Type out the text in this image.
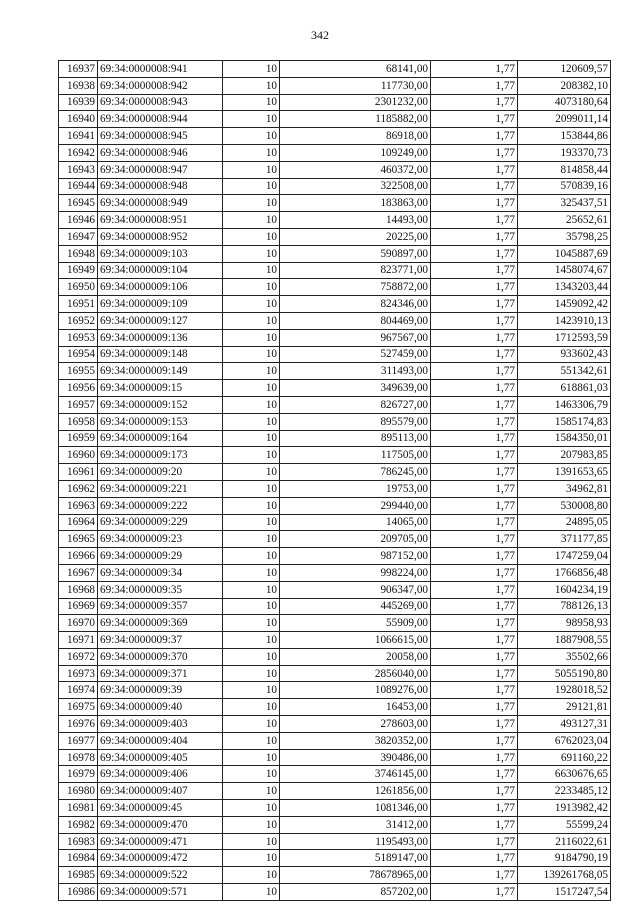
342
16937	69:34:0000008:941	10	68141,00	1,77	120609,57
16938	69:34:0000008:942	10	117730,00	1,77	208382,10
16939	69:34:0000008:943	10	2301232,00	1,77	4073180,64
16940	69:34:0000008:944	10	1185882,00	1,77	2099011,14
16941	69:34:0000008:945	10	86918,00	1,77	153844,86
16942	69:34:0000008:946	10	109249,00	1,77	193370,73
16943	69:34:0000008:947	10	460372,00	1,77	814858,44
16944	69:34:0000008:948	10	322508,00	1,77	570839,16
16945	69:34:0000008:949	10	183863,00	1,77	325437,51
16946	69:34:0000008:951	10	14493,00	1,77	25652,61
16947	69:34:0000008:952	10	20225,00	1,77	35798,25
16948	69:34:0000009:103	10	590897,00	1,77	1045887,69
16949	69:34:0000009:104	10	823771,00	1,77	1458074,67
16950	69:34:0000009:106	10	758872,00	1,77	1343203,44
16951	69:34:0000009:109	10	824346,00	1,77	1459092,42
16952	69:34:0000009:127	10	804469,00	1,77	1423910,13
16953	69:34:0000009:136	10	967567,00	1,77	1712593,59
16954	69:34:0000009:148	10	527459,00	1,77	933602,43
16955	69:34:0000009:149	10	311493,00	1,77	551342,61
16956	69:34:0000009:15	10	349639,00	1,77	618861,03
16957	69:34:0000009:152	10	826727,00	1,77	1463306,79
16958	69:34:0000009:153	10	895579,00	1,77	1585174,83
16959	69:34:0000009:164	10	895113,00	1,77	1584350,01
16960	69:34:0000009:173	10	117505,00	1,77	207983,85
16961	69:34:0000009:20	10	786245,00	1,77	1391653,65
16962	69:34:0000009:221	10	19753,00	1,77	34962,81
16963	69:34:0000009:222	10	299440,00	1,77	530008,80
16964	69:34:0000009:229	10	14065,00	1,77	24895,05
16965	69:34:0000009:23	10	209705,00	1,77	371177,85
16966	69:34:0000009:29	10	987152,00	1,77	1747259,04
16967	69:34:0000009:34	10	998224,00	1,77	1766856,48
16968	69:34:0000009:35	10	906347,00	1,77	1604234,19
16969	69:34:0000009:357	10	445269,00	1,77	788126,13
16970	69:34:0000009:369	10	55909,00	1,77	98958,93
16971	69:34:0000009:37	10	1066615,00	1,77	1887908,55
16972	69:34:0000009:370	10	20058,00	1,77	35502,66
16973	69:34:0000009:371	10	2856040,00	1,77	5055190,80
16974	69:34:0000009:39	10	1089276,00	1,77	1928018,52
16975	69:34:0000009:40	10	16453,00	1,77	29121,81
16976	69:34:0000009:403	10	278603,00	1,77	493127,31
16977	69:34:0000009:404	10	3820352,00	1,77	6762023,04
16978	69:34:0000009:405	10	390486,00	1,77	691160,22
16979	69:34:0000009:406	10	3746145,00	1,77	6630676,65
16980	69:34:0000009:407	10	1261856,00	1,77	2233485,12
16981	69:34:0000009:45	10	1081346,00	1,77	1913982,42
16982	69:34:0000009:470	10	31412,00	1,77	55599,24
16983	69:34:0000009:471	10	1195493,00	1,77	2116022,61
16984	69:34:0000009:472	10	5189147,00	1,77	9184790,19
16985	69:34:0000009:522	10	78678965,00	1,77	139261768,05
16986	69:34:0000009:571	10	857202,00	1,77	1517247,54
